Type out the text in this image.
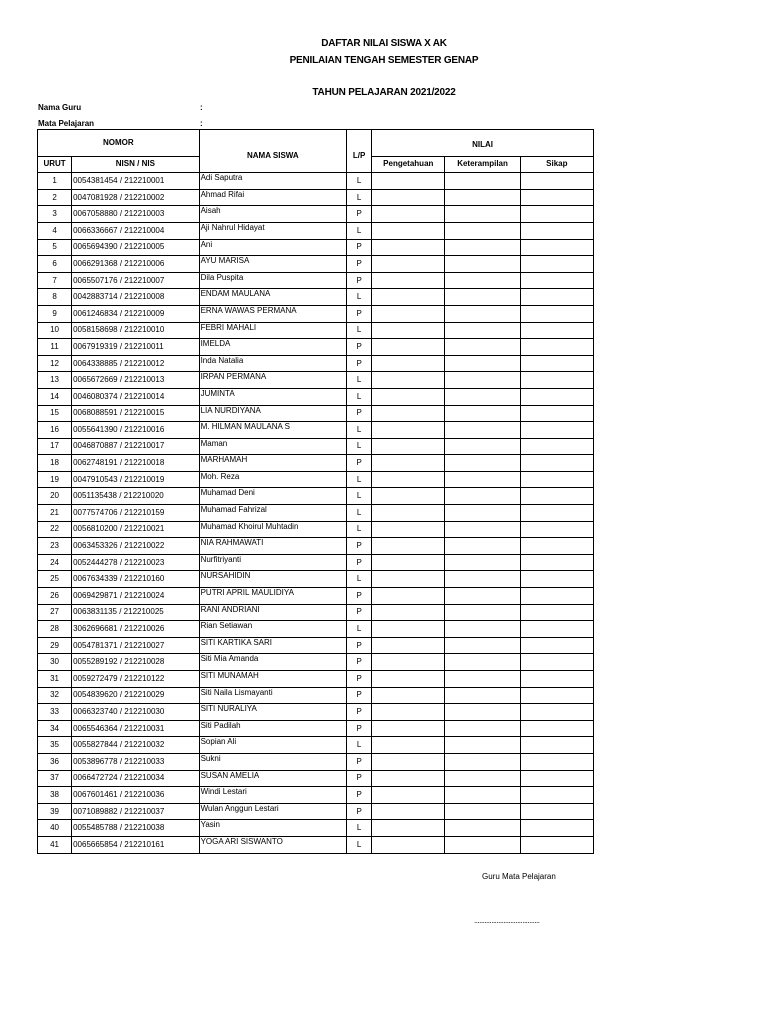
DAFTAR NILAI SISWA X AK
PENILAIAN TENGAH SEMESTER GENAP
TAHUN PELAJARAN 2021/2022
Nama Guru	:
Mata Pelajaran	:
NOMOR		NAMA SISWA	L/P	NILAI		
URUT	NISN / NIS			Pengetahuan	Keterampilan	Sikap
1	0054381454 / 212210001	Adi Saputra	L			
2	0047081928 / 212210002	Ahmad Rifai	L			
3	0067058880 / 212210003	Aisah	P			
4	0066336667 / 212210004	Aji Nahrul Hidayat	L			
5	0065694390 / 212210005	Ani	P			
6	0066291368 / 212210006	AYU MARISA	P			
7	0065507176 / 212210007	Dila Puspita	P			
8	0042883714 / 212210008	ENDAM MAULANA	L			
9	0061246834 / 212210009	ERNA WAWAS PERMANA	P			
10	0058158698 / 212210010	FEBRI MAHALI	L			
11	0067919319 / 212210011	IMELDA	P			
12	0064338885 / 212210012	Inda Natalia	P			
13	0065672669 / 212210013	IRPAN PERMANA	L			
14	0046080374 / 212210014	JUMINTA	L			
15	0068088591 / 212210015	LIA NURDIYANA	P			
16	0055641390 / 212210016	M. HILMAN MAULANA S	L			
17	0046870887 / 212210017	Maman	L			
18	0062748191 / 212210018	MARHAMAH	P			
19	0047910543 / 212210019	Moh. Reza	L			
20	0051135438 / 212210020	Muhamad Deni	L			
21	0077574706 / 212210159	Muhamad Fahrizal	L			
22	0056810200 / 212210021	Muhamad Khoirul Muhtadin	L			
23	0063453326 / 212210022	NIA RAHMAWATI	P			
24	0052444278 / 212210023	Nurfitriyanti	P			
25	0067634339 / 212210160	NURSAHIDIN	L			
26	0069429871 / 212210024	PUTRI APRIL MAULIDIYA	P			
27	0063831135 / 212210025	RANI ANDRIANI	P			
28	3062696681 / 212210026	Rian Setiawan	L			
29	0054781371 / 212210027	SITI KARTIKA SARI	P			
30	0055289192 / 212210028	Siti Mia Amanda	P			
31	0059272479 / 212210122	SITI MUNAMAH	P			
32	0054839620 / 212210029	Siti Naila Lismayanti	P			
33	0066323740 / 212210030	SITI NURALIYA	P			
34	0065546364 / 212210031	Siti Padilah	P			
35	0055827844 / 212210032	Sopian Ali	L			
36	0053896778 / 212210033	Sukni	P			
37	0066472724 / 212210034	SUSAN AMELIA	P			
38	0067601461 / 212210036	Windi Lestari	P			
39	0071089882 / 212210037	Wulan Anggun Lestari	P			
40	0055485788 / 212210038	Yasin	L			
41	0065665854 / 212210161	YOGA ARI SISWANTO	L			
Guru Mata Pelajaran
......................................
